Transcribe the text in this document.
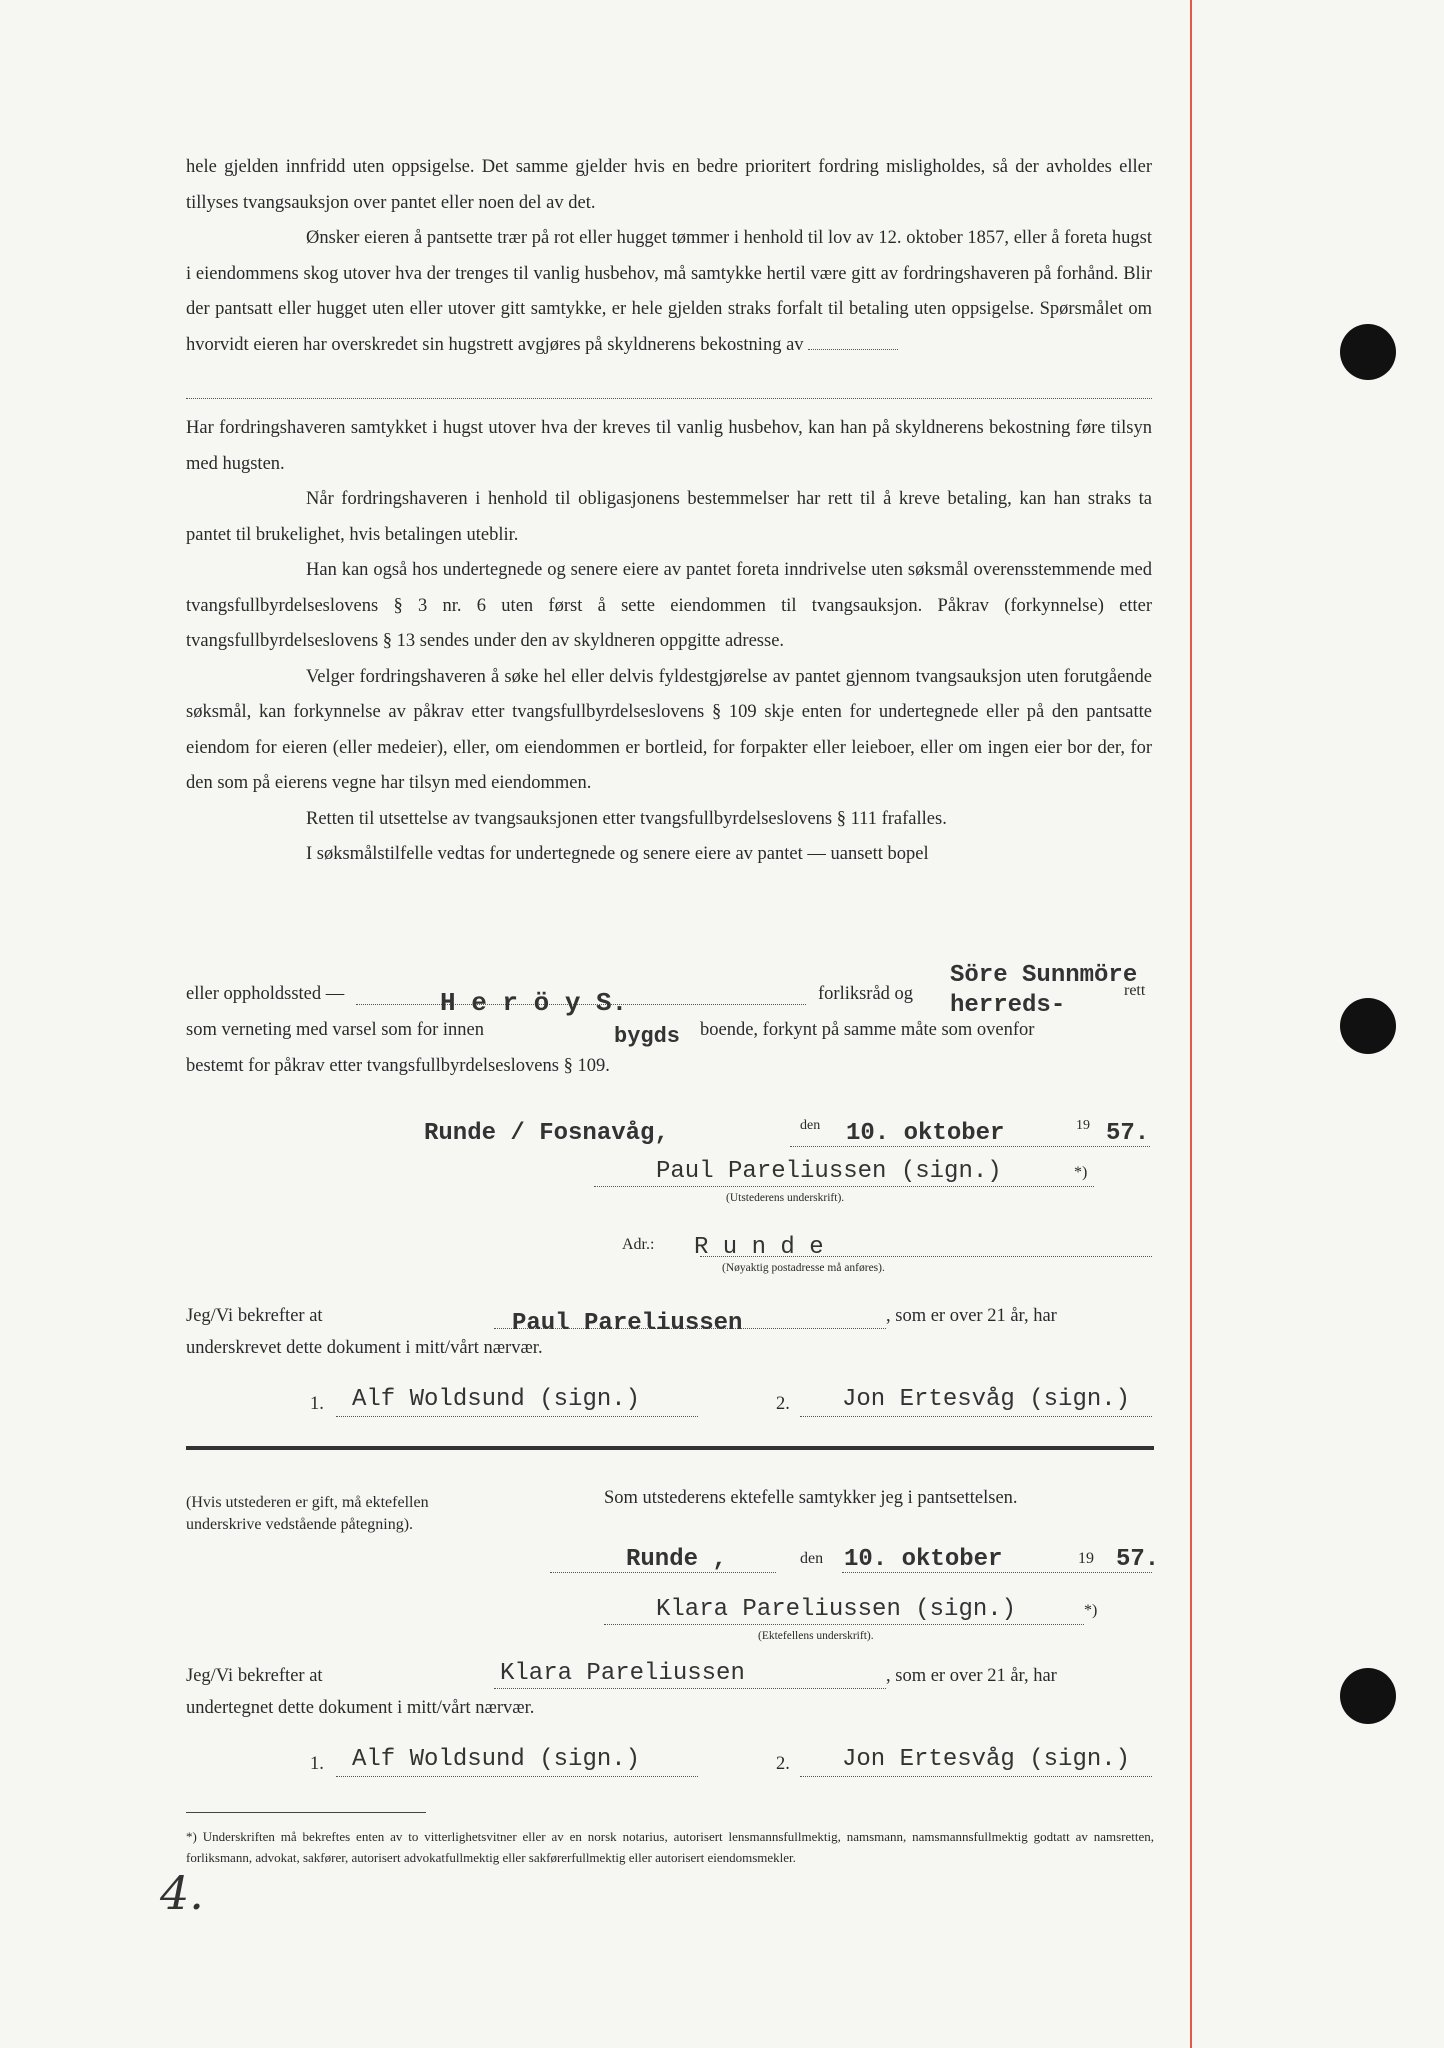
hele gjelden innfridd uten oppsigelse. Det samme gjelder hvis en bedre prioritert fordring misligholdes, så der avholdes eller tillyses tvangsauksjon over pantet eller noen del av det.

Ønsker eieren å pantsette trær på rot eller hugget tømmer i henhold til lov av 12. oktober 1857, eller å foreta hugst i eiendommens skog utover hva der trenges til vanlig husbehov, må samtykke hertil være gitt av fordringshaveren på forhånd. Blir der pantsatt eller hugget uten eller utover gitt samtykke, er hele gjelden straks forfalt til betaling uten oppsigelse. Spørsmålet om hvorvidt eieren har overskredet sin hugstrett avgjøres på skyldnerens bekostning av

Har fordringshaveren samtykket i hugst utover hva der kreves til vanlig husbehov, kan han på skyldnerens bekostning føre tilsyn med hugsten.

Når fordringshaveren i henhold til obligasjonens bestemmelser har rett til å kreve betaling, kan han straks ta pantet til brukelighet, hvis betalingen uteblir.

Han kan også hos undertegnede og senere eiere av pantet foreta inndrivelse uten søksmål overensstemmende med tvangsfullbyrdelseslovens § 3 nr. 6 uten først å sette eiendommen til tvangsauksjon. Påkrav (forkynnelse) etter tvangsfullbyrdelseslovens § 13 sendes under den av skyldneren oppgitte adresse.

Velger fordringshaveren å søke hel eller delvis fyldestgjørelse av pantet gjennom tvangsauksjon uten forutgående søksmål, kan forkynnelse av påkrav etter tvangsfullbyrdelseslovens § 109 skje enten for undertegnede eller på den pantsatte eiendom for eieren (eller medeier), eller, om eiendommen er bortleid, for forpakter eller leieboer, eller om ingen eier bor der, for den som på eierens vegne har tilsyn med eiendommen.

Retten til utsettelse av tvangsauksjonen etter tvangsfullbyrdelseslovens § 111 frafalles.

I søksmålstilfelle vedtas for undertegnede og senere eiere av pantet — uansett bopel

eller oppholdssted —	H e r ö y S.	forliksråd og
Söre Sunnmöre
herreds-
rett
som verneting med varsel som for innen	bygds boende, forkynt på samme måte som ovenfor
bestemt for påkrav etter tvangsfullbyrdelseslovens § 109.
Runde / Fosnavåg,	den 10. oktober	19 57.
Paul Pareliussen (sign.)	*)
(Utstederens underskrift).
Adr.: R u n d e
(Nøyaktig postadresse må anføres).
Jeg/Vi bekrefter at	Paul Pareliussen	, som er over 21 år, har
underskrevet dette dokument i mitt/vårt nærvær.
1. Alf Woldsund (sign.)	2. Jon Ertesvåg (sign.)
(Hvis utstederen er gift, må ektefellen underskrive vedstående påtegning).
Som utstederens ektefelle samtykker jeg i pantsettelsen.
Runde ,	den 10. oktober	19 57.
Klara Pareliussen (sign.)	*)
(Ektefellens underskrift).
Jeg/Vi bekrefter at	Klara Pareliussen	, som er over 21 år, har
undertegnet dette dokument i mitt/vårt nærvær.
1. Alf Woldsund (sign.)	2. Jon Ertesvåg (sign.)
*) Underskriften må bekreftes enten av to vitterlighetsvitner eller av en norsk notarius, autorisert lensmannsfullmektig, namsmann, namsmannsfullmektig godtatt av namsretten, forliksmann, advokat, sakfører, autorisert advokatfullmektig eller sakførerfullmektig eller autorisert eiendomsmekler.
4.
